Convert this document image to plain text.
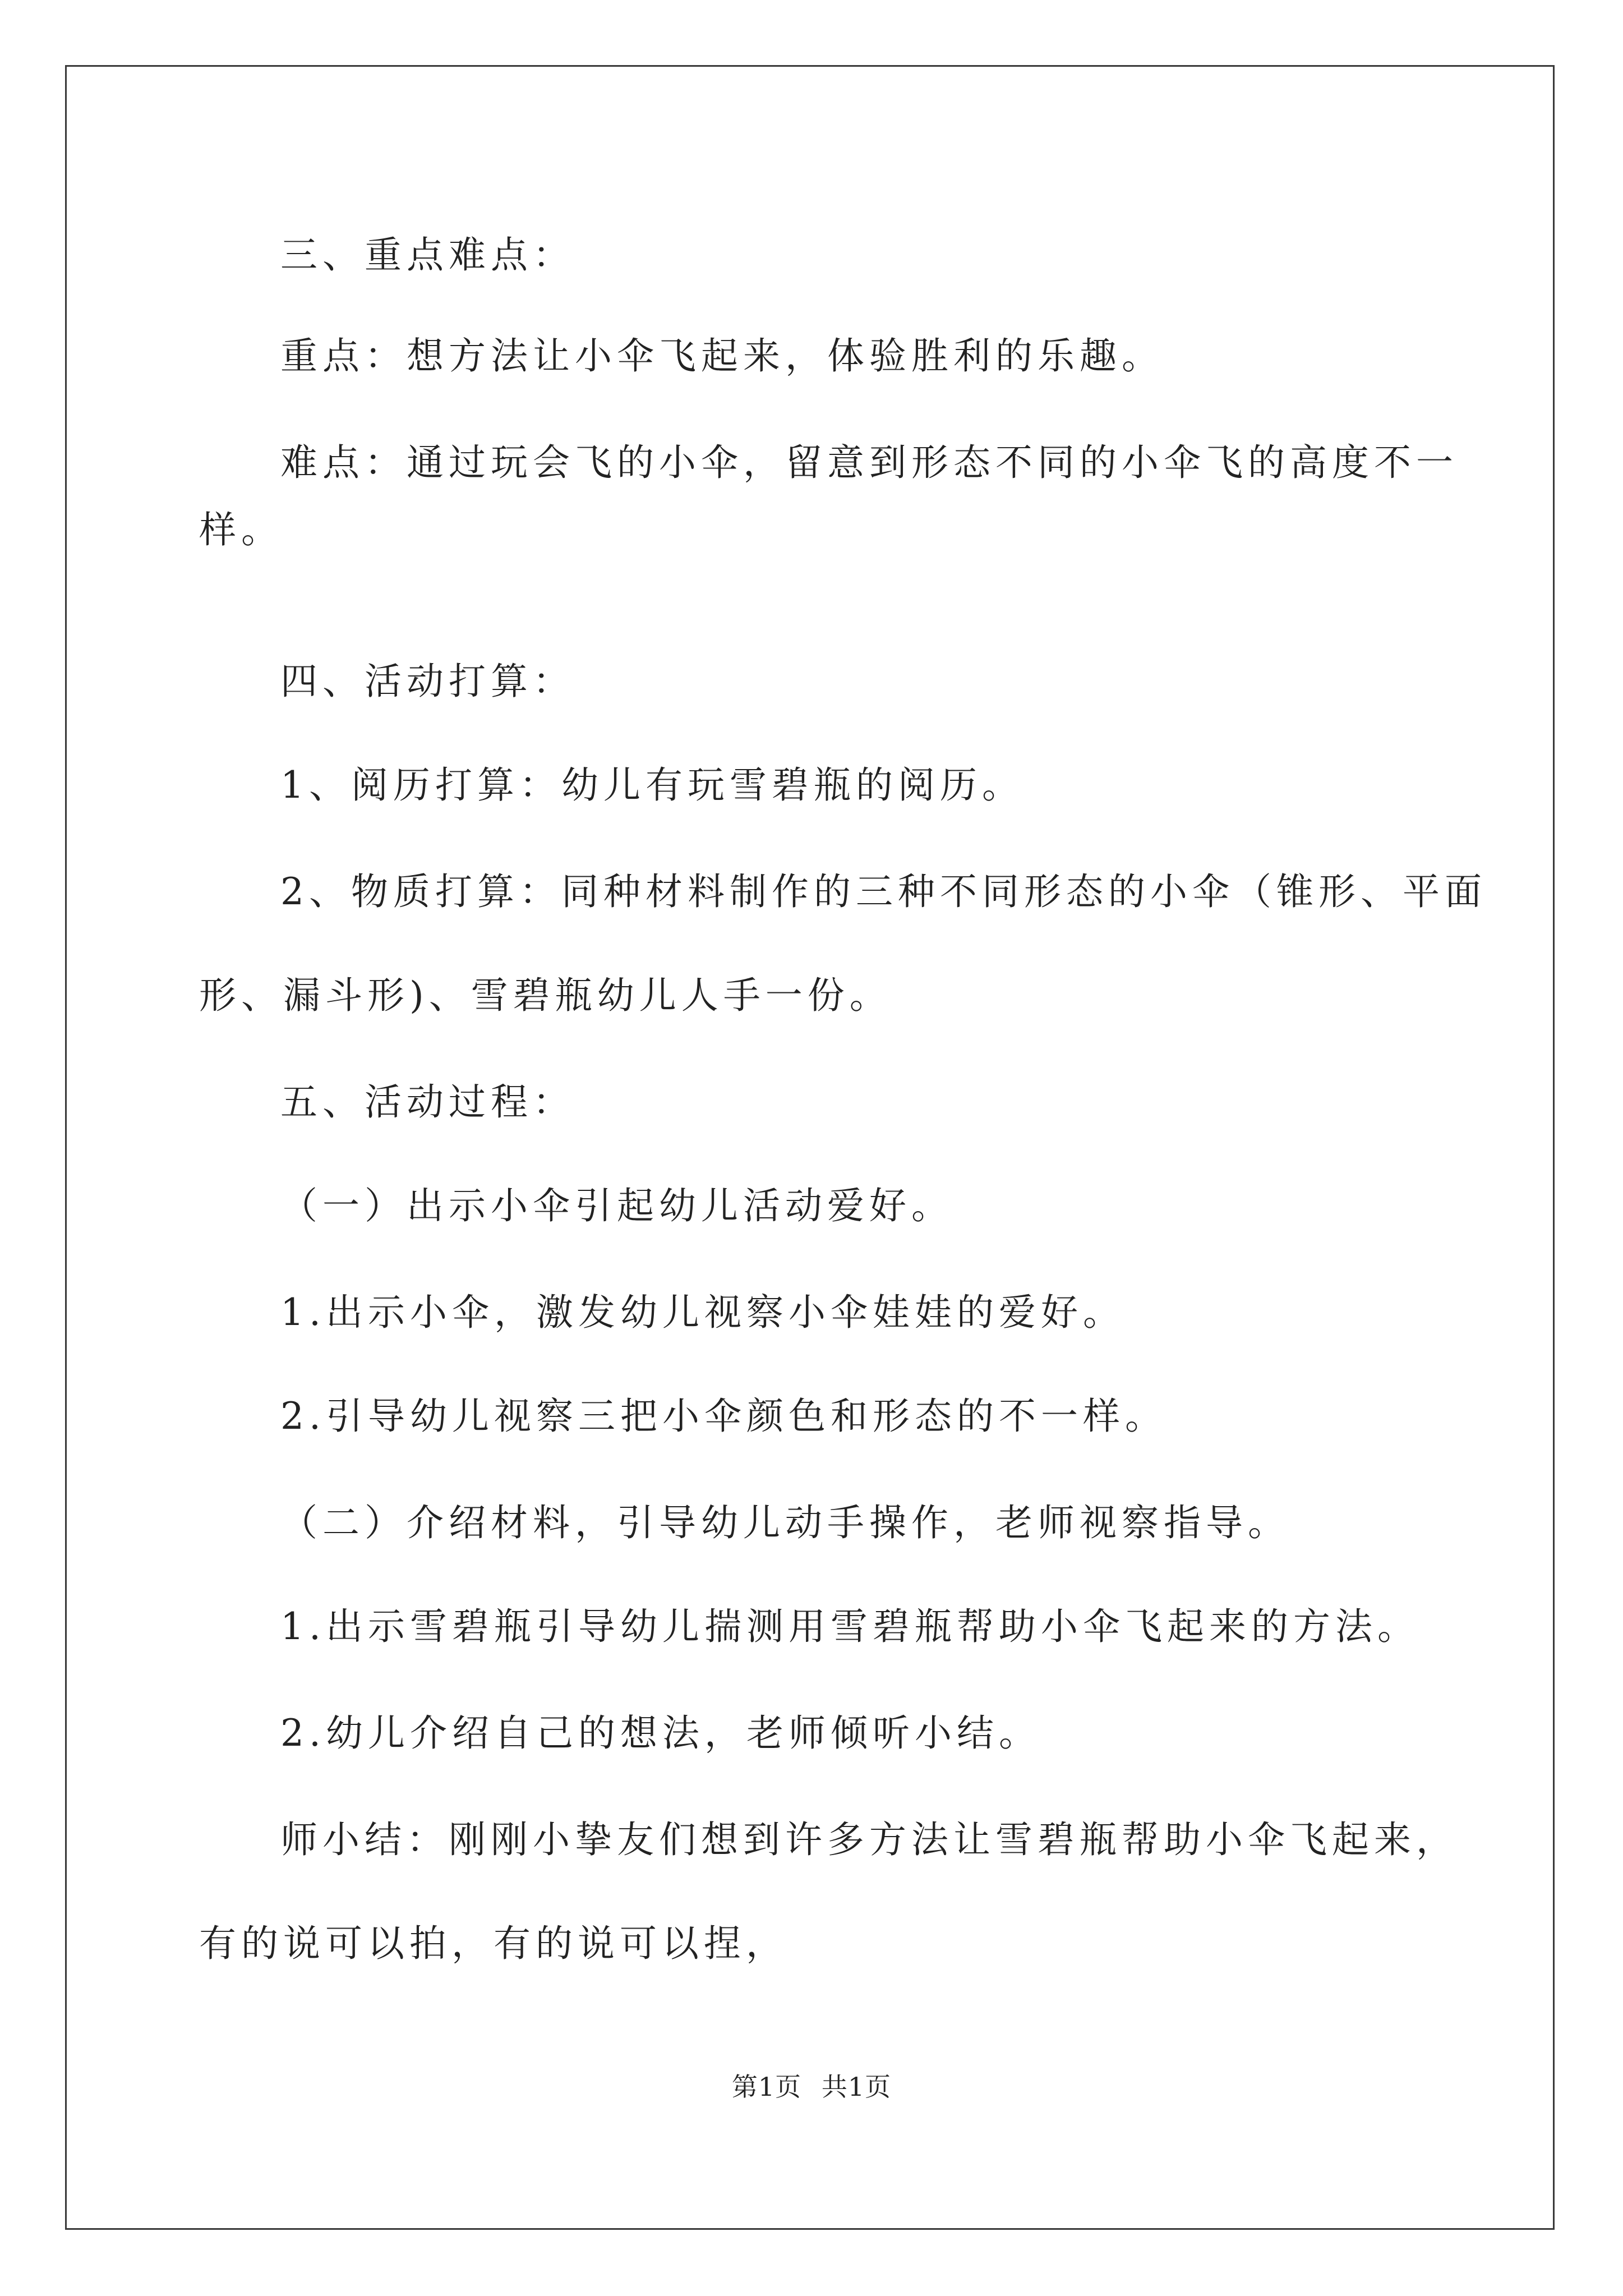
三、重点难点：
重点：想方法让小伞飞起来，体验胜利的乐趣。
难点：通过玩会飞的小伞，留意到形态不同的小伞飞的高度不一
样。
四、活动打算：
1、阅历打算：幼儿有玩雪碧瓶的阅历。
2、物质打算：同种材料制作的三种不同形态的小伞（锥形、平面
形、漏斗形)、雪碧瓶幼儿人手一份。
五、活动过程：
（一）出示小伞引起幼儿活动爱好。
1.出示小伞，激发幼儿视察小伞娃娃的爱好。
2.引导幼儿视察三把小伞颜色和形态的不一样。
（二）介绍材料，引导幼儿动手操作，老师视察指导。
1.出示雪碧瓶引导幼儿揣测用雪碧瓶帮助小伞飞起来的方法。
2.幼儿介绍自己的想法，老师倾听小结。
师小结：刚刚小挚友们想到许多方法让雪碧瓶帮助小伞飞起来，
有的说可以拍，有的说可以捏，
第1页 共1页
